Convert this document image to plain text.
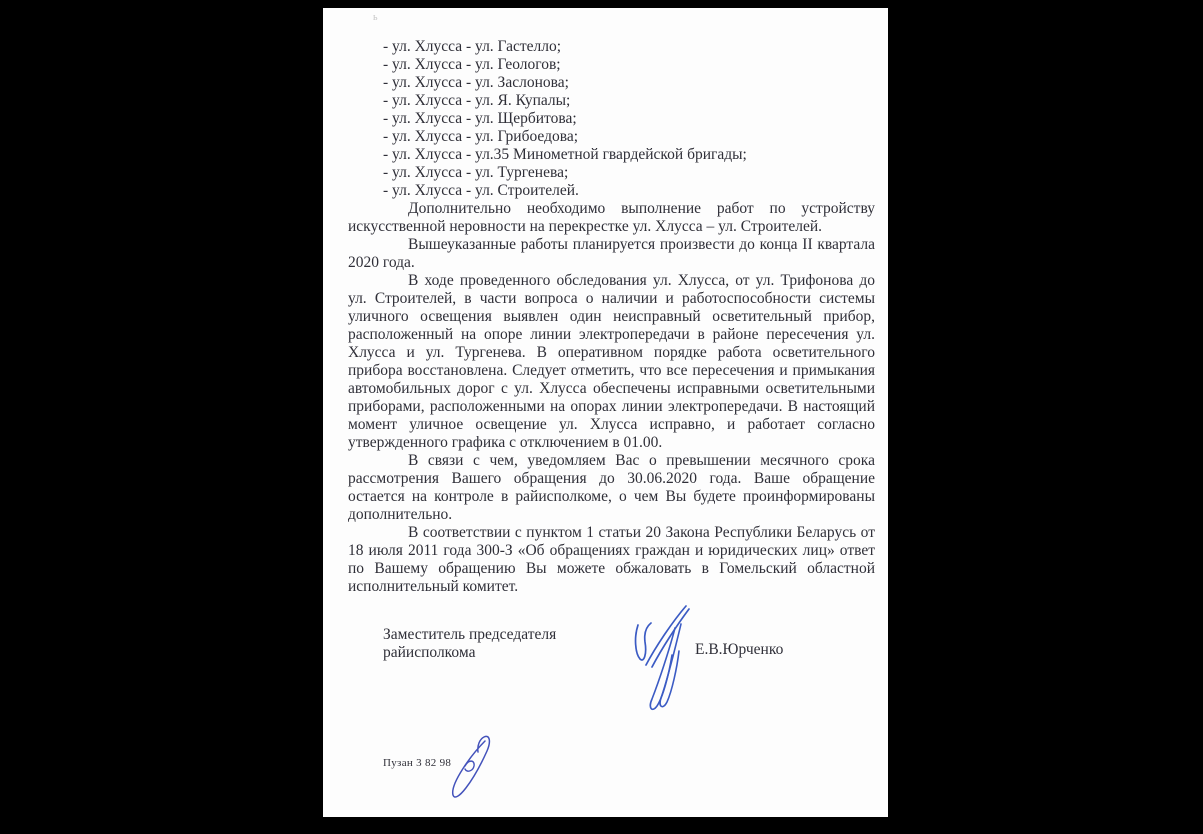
ь
- ул. Хлусса - ул. Гастелло;
- ул. Хлусса - ул. Геологов;
- ул. Хлусса - ул. Заслонова;
- ул. Хлусса - ул. Я. Купалы;
- ул. Хлусса - ул. Щербитова;
- ул. Хлусса - ул. Грибоедова;
- ул. Хлусса - ул.35 Минометной гвардейской бригады;
- ул. Хлусса - ул. Тургенева;
- ул. Хлусса - ул. Строителей.

Дополнительно необходимо выполнение работ по устройству искусственной неровности на перекрестке ул. Хлусса – ул. Строителей.

Вышеуказанные работы планируется произвести до конца II квартала 2020 года.

В ходе проведенного обследования ул. Хлусса, от ул. Трифонова до ул. Строителей, в части вопроса о наличии и работоспособности системы уличного освещения выявлен один неисправный осветительный прибор, расположенный на опоре линии электропередачи в районе пересечения ул. Хлусса и ул. Тургенева. В оперативном порядке работа осветительного прибора восстановлена. Следует отметить, что все пересечения и примыкания автомобильных дорог с ул. Хлусса обеспечены исправными осветительными приборами, расположенными на опорах линии электропередачи. В настоящий момент уличное освещение ул. Хлусса исправно, и работает согласно утвержденного графика с отключением в 01.00.

В связи с чем, уведомляем Вас о превышении месячного срока рассмотрения Вашего обращения до 30.06.2020 года. Ваше обращение остается на контроле в райисполкоме, о чем Вы будете проинформированы дополнительно.

В соответствии с пунктом 1 статьи 20 Закона Республики Беларусь от 18 июля 2011 года 300-З «Об обращениях граждан и юридических лиц» ответ по Вашему обращению Вы можете обжаловать в Гомельский областной исполнительный комитет.

Заместитель председателя
райисполкома	Е.В.Юрченко
Пузан 3 82 98
